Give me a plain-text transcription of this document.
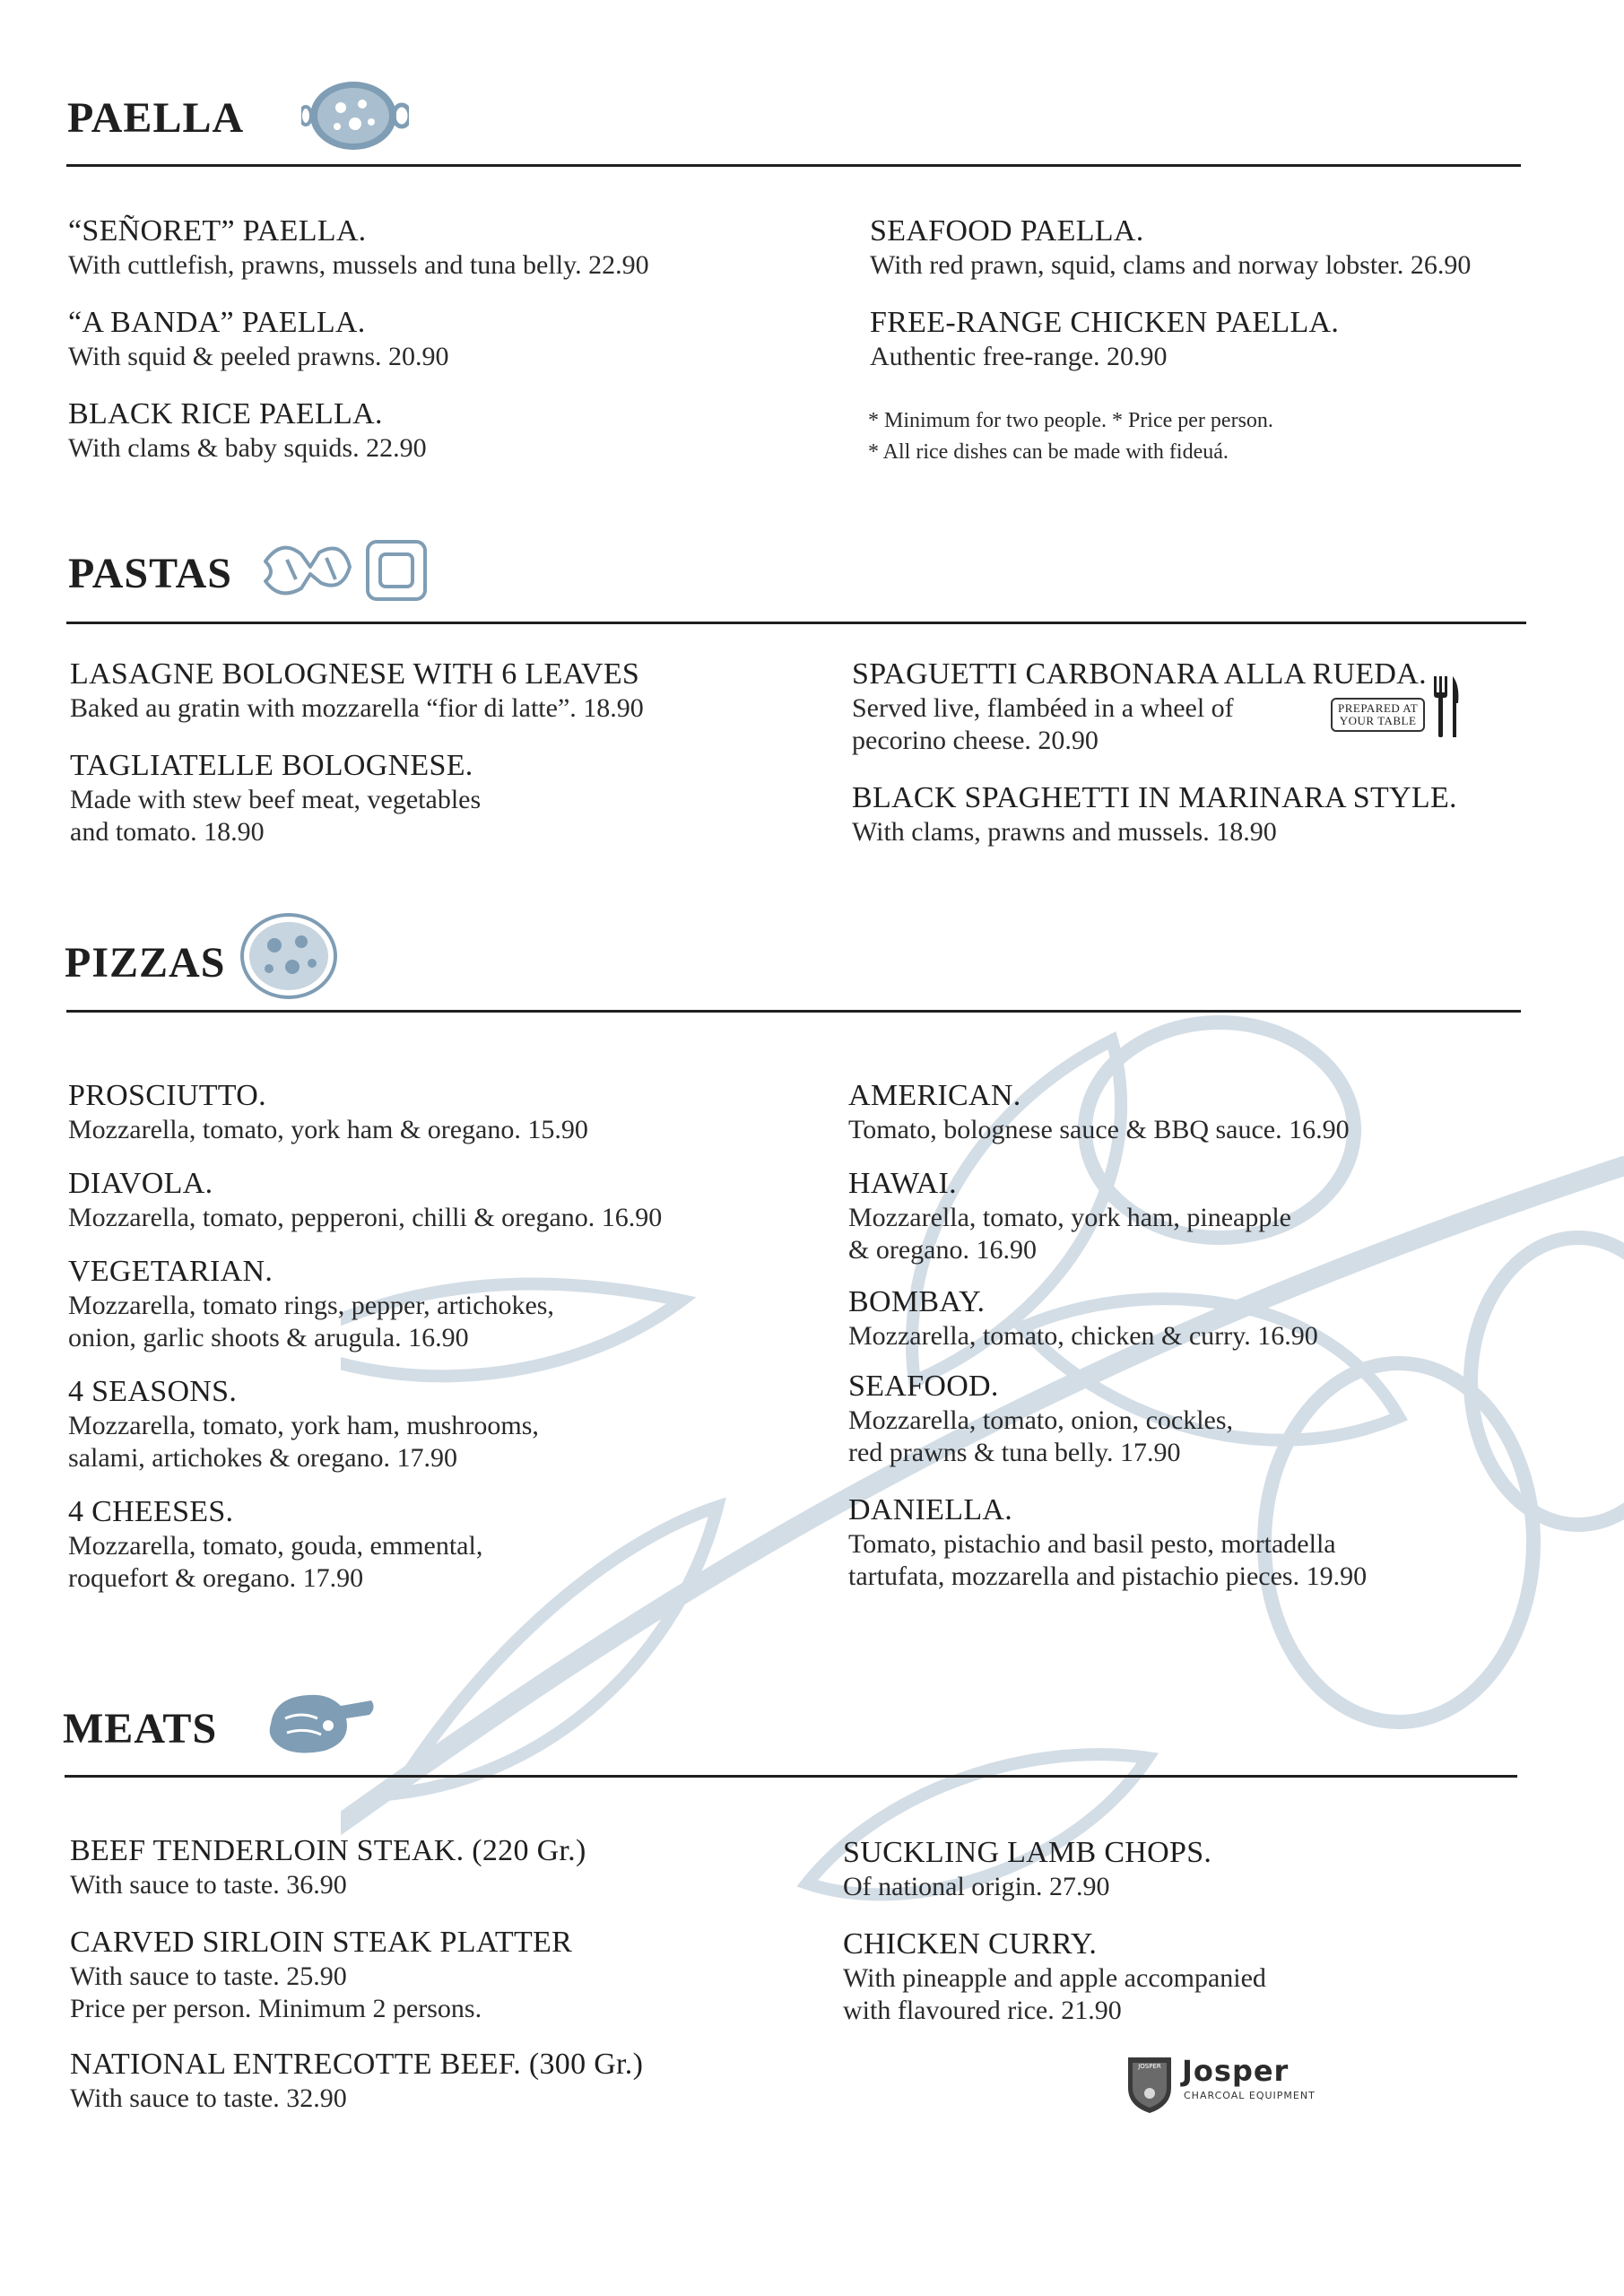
PAELLA
“SEÑORET” PAELLA.
With cuttlefish, prawns, mussels and tuna belly. 22.90
“A BANDA” PAELLA.
With squid & peeled prawns. 20.90
BLACK RICE PAELLA.
With clams & baby squids. 22.90
SEAFOOD PAELLA.
With red prawn, squid, clams and norway lobster. 26.90
FREE-RANGE CHICKEN PAELLA.
Authentic free-range. 20.90
* Minimum for two people. * Price per person.
* All rice dishes can be made with fideuá.
PASTAS
LASAGNE BOLOGNESE WITH 6 LEAVES
Baked au gratin with mozzarella “fior di latte”. 18.90
TAGLIATELLE BOLOGNESE.
Made with stew beef meat, vegetables
and tomato. 18.90
SPAGUETTI CARBONARA ALLA RUEDA.
Served live, flambéed in a wheel of
pecorino cheese. 20.90
PREPARED AT
YOUR TABLE
BLACK SPAGHETTI IN MARINARA STYLE.
With clams, prawns and mussels. 18.90
PIZZAS
PROSCIUTTO.
Mozzarella, tomato, york ham & oregano. 15.90
DIAVOLA.
Mozzarella, tomato, pepperoni, chilli & oregano. 16.90
VEGETARIAN.
Mozzarella, tomato rings, pepper, artichokes,
onion, garlic shoots & arugula. 16.90
4 SEASONS.
Mozzarella, tomato, york ham, mushrooms,
salami, artichokes & oregano. 17.90
4 CHEESES.
Mozzarella, tomato, gouda, emmental,
roquefort & oregano. 17.90
AMERICAN.
Tomato, bolognese sauce & BBQ sauce. 16.90
HAWAI.
Mozzarella, tomato, york ham, pineapple
& oregano. 16.90
BOMBAY.
Mozzarella, tomato, chicken & curry. 16.90
SEAFOOD.
Mozzarella, tomato, onion, cockles,
red prawns & tuna belly. 17.90
DANIELLA.
Tomato, pistachio and basil pesto, mortadella
tartufata, mozzarella and pistachio pieces. 19.90
MEATS
BEEF TENDERLOIN STEAK. (220 Gr.)
With sauce to taste. 36.90
CARVED SIRLOIN STEAK PLATTER
With sauce to taste. 25.90
Price per person. Minimum 2 persons.
NATIONAL ENTRECOTTE BEEF. (300 Gr.)
With sauce to taste. 32.90
SUCKLING LAMB CHOPS.
Of national origin. 27.90
CHICKEN CURRY.
With pineapple and apple accompanied
with flavoured rice. 21.90
JOSPER Josper
CHARCOAL EQUIPMENT
